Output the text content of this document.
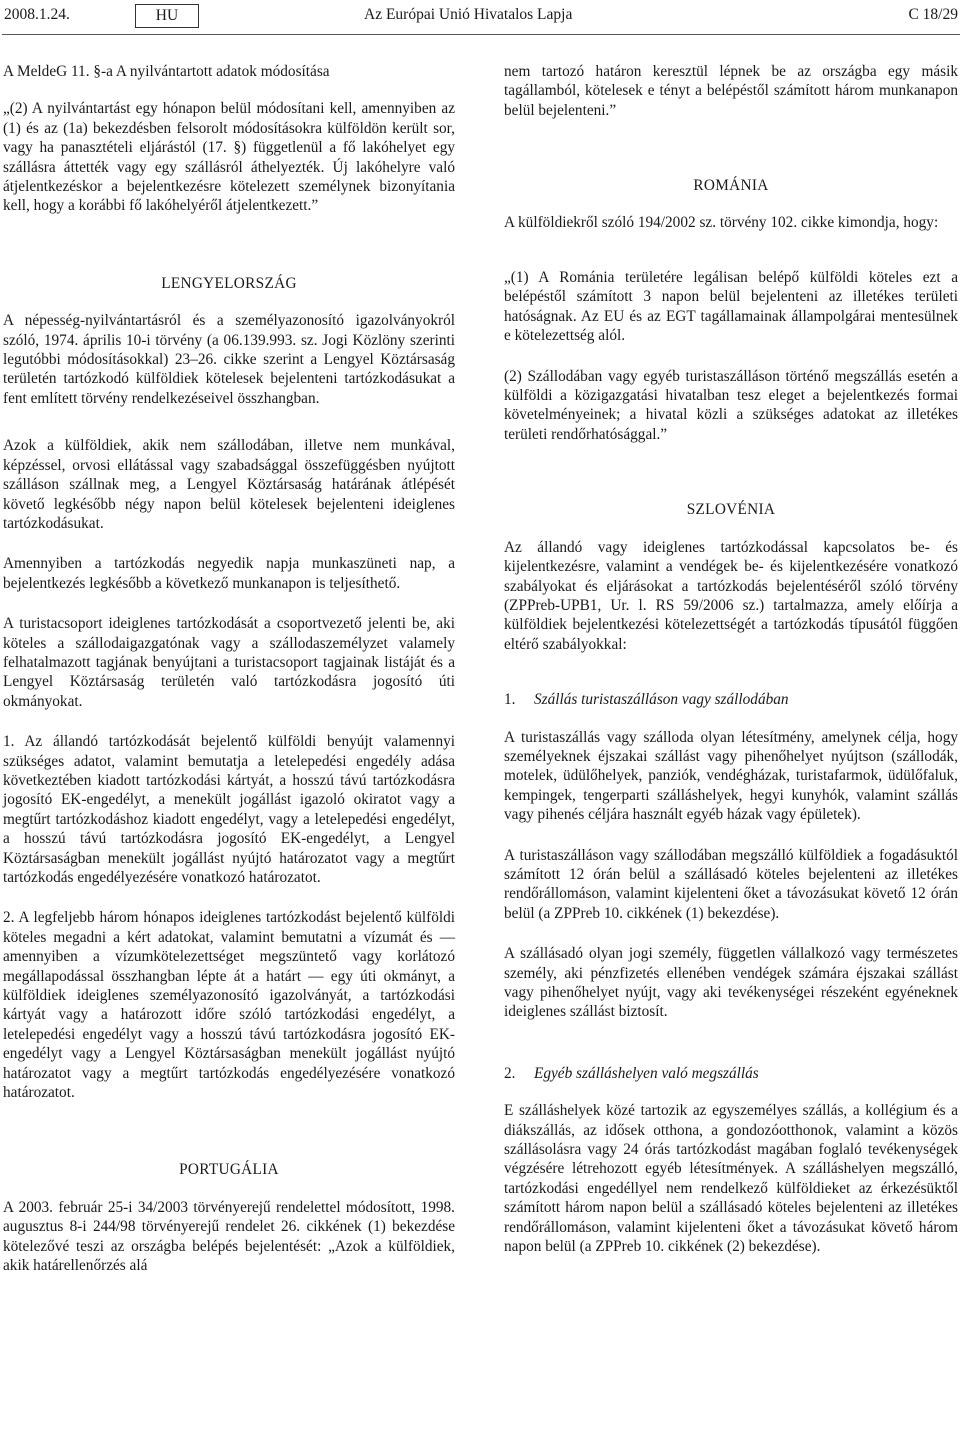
2008.1.24.	HU	Az Európai Unió Hivatalos Lapja	C 18/29

A MeldeG 11. §-a A nyilvántartott adatok módosítása

„(2) A nyilvántartást egy hónapon belül módosítani kell, amennyiben az (1) és az (1a) bekezdésben felsorolt módosításokra külföldön került sor, vagy ha panasztételi eljárástól (17. §) függetlenül a fő lakóhelyet egy szállásra áttették vagy egy szállásról áthelyezték. Új lakóhelyre való átjelentkezéskor a bejelentkezésre kötelezett személynek bizonyítania kell, hogy a korábbi fő lakóhelyéről átjelentkezett.”

LENGYELORSZÁG

A népesség-nyilvántartásról és a személyazonosító igazolványokról szóló, 1974. április 10-i törvény (a 06.139.993. sz. Jogi Közlöny szerinti legutóbbi módosításokkal) 23–26. cikke szerint a Lengyel Köztársaság területén tartózkodó külföldiek kötelesek bejelenteni tartózkodásukat a fent említett törvény rendelkezéseivel összhangban.

Azok a külföldiek, akik nem szállodában, illetve nem munkával, képzéssel, orvosi ellátással vagy szabadsággal összefüggésben nyújtott szálláson szállnak meg, a Lengyel Köztársaság határának átlépését követő legkésőbb négy napon belül kötelesek bejelenteni ideiglenes tartózkodásukat.

Amennyiben a tartózkodás negyedik napja munkaszüneti nap, a bejelentkezés legkésőbb a következő munkanapon is teljesíthető.

A turistacsoport ideiglenes tartózkodását a csoportvezető jelenti be, aki köteles a szállodaigazgatónak vagy a szállodaszemélyzet valamely felhatalmazott tagjának benyújtani a turistacsoport tagjainak listáját és a Lengyel Köztársaság területén való tartózkodásra jogosító úti okmányokat.

1. Az állandó tartózkodását bejelentő külföldi benyújt valamennyi szükséges adatot, valamint bemutatja a letelepedési engedély adása következtében kiadott tartózkodási kártyát, a hosszú távú tartózkodásra jogosító EK-engedélyt, a menekült jogállást igazoló okiratot vagy a megtűrt tartózkodáshoz kiadott engedélyt, vagy a letelepedési engedélyt, a hosszú távú tartózkodásra jogosító EK-engedélyt, a Lengyel Köztársaságban menekült jogállást nyújtó határozatot vagy a megtűrt tartózkodás engedélyezésére vonatkozó határozatot.

2. A legfeljebb három hónapos ideiglenes tartózkodást bejelentő külföldi köteles megadni a kért adatokat, valamint bemutatni a vízumát és — amennyiben a vízumkötelezettséget megszüntető vagy korlátozó megállapodással összhangban lépte át a határt — egy úti okmányt, a külföldiek ideiglenes személyazonosító igazolványát, a tartózkodási kártyát vagy a határozott időre szóló tartózkodási engedélyt, a letelepedési engedélyt vagy a hosszú távú tartózkodásra jogosító EK-engedélyt vagy a Lengyel Köztársaságban menekült jogállást nyújtó határozatot vagy a megtűrt tartózkodás engedélyezésére vonatkozó határozatot.

PORTUGÁLIA

A 2003. február 25-i 34/2003 törvényerejű rendelettel módosított, 1998. augusztus 8-i 244/98 törvényerejű rendelet 26. cikkének (1) bekezdése kötelezővé teszi az országba belépés bejelentését: „Azok a külföldiek, akik határellenőrzés alá

nem tartozó határon keresztül lépnek be az országba egy másik tagállamból, kötelesek e tényt a belépéstől számított három munkanapon belül bejelenteni.”

ROMÁNIA

A külföldiekről szóló 194/2002 sz. törvény 102. cikke kimondja, hogy:

„(1) A Románia területére legálisan belépő külföldi köteles ezt a belépéstől számított 3 napon belül bejelenteni az illetékes területi hatóságnak. Az EU és az EGT tagállamainak állampolgárai mentesülnek e kötelezettség alól.

(2) Szállodában vagy egyéb turistaszálláson történő megszállás esetén a külföldi a közigazgatási hivatalban tesz eleget a bejelentkezés formai követelményeinek; a hivatal közli a szükséges adatokat az illetékes területi rendőrhatósággal.”

SZLOVÉNIA

Az állandó vagy ideiglenes tartózkodással kapcsolatos be- és kijelentkezésre, valamint a vendégek be- és kijelentkezésére vonatkozó szabályokat és eljárásokat a tartózkodás bejelentéséről szóló törvény (ZPPreb-UPB1, Ur. l. RS 59/2006 sz.) tartalmazza, amely előírja a külföldiek bejelentkezési kötelezettségét a tartózkodás típusától függően eltérő szabályokkal:

1. Szállás turistaszálláson vagy szállodában

A turistaszállás vagy szálloda olyan létesítmény, amelynek célja, hogy személyeknek éjszakai szállást vagy pihenőhelyet nyújtson (szállodák, motelek, üdülőhelyek, panziók, vendégházak, turistafarmok, üdülőfaluk, kempingek, tengerparti szálláshelyek, hegyi kunyhók, valamint szállás vagy pihenés céljára használt egyéb házak vagy épületek).

A turistaszálláson vagy szállodában megszálló külföldiek a fogadásuktól számított 12 órán belül a szállásadó köteles bejelenteni az illetékes rendőrállomáson, valamint kijelenteni őket a távozásukat követő 12 órán belül (a ZPPreb 10. cikkének (1) bekezdése).

A szállásadó olyan jogi személy, független vállalkozó vagy természetes személy, aki pénzfizetés ellenében vendégek számára éjszakai szállást vagy pihenőhelyet nyújt, vagy aki tevékenységei részeként egyéneknek ideiglenes szállást biztosít.

2. Egyéb szálláshelyen való megszállás

E szálláshelyek közé tartozik az egyszemélyes szállás, a kollégium és a diákszállás, az idősek otthona, a gondozóotthonok, valamint a közös szállásolásra vagy 24 órás tartózkodást magában foglaló tevékenységek végzésére létrehozott egyéb létesítmények. A szálláshelyen megszálló, tartózkodási engedéllyel nem rendelkező külföldieket az érkezésüktől számított három napon belül a szállásadó köteles bejelenteni az illetékes rendőrállomáson, valamint kijelenteni őket a távozásukat követő három napon belül (a ZPPreb 10. cikkének (2) bekezdése).
